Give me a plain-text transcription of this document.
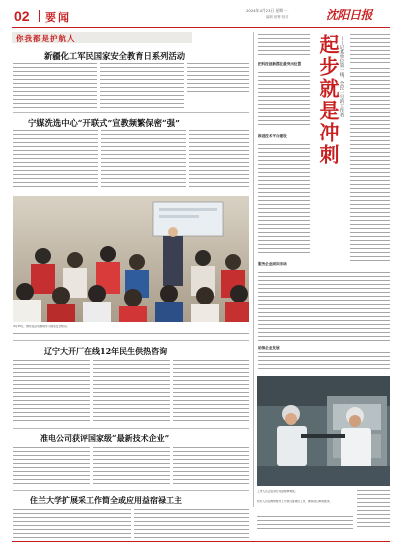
02 要闻
2024年4月23日 星期一
编辑 统筹 校对	沈阳日报
你我都是护航人
新疆化工军民国家安全教育日系列活动
宁媒洗选中心“开联式”宣教频繁保密“强”
把科技创新摆在最突出位置
推进技术平台建设	起步就是冲刺 ——记某单位第一线、全民一号的工作者
服务企业面向市场
助推企业发展
4月15日，群众在活动现场学习国家安全知识。
辽宁大开厂在线12年民生供热咨询
准电公司获评国家级“最新技术企业”
住兰大学扩展采工作简全或应用益宿禄工主
工作人员正在进行设备检修调试。
技术人员在维修组件上开展设备调试工作，确保项目顺利推进。
